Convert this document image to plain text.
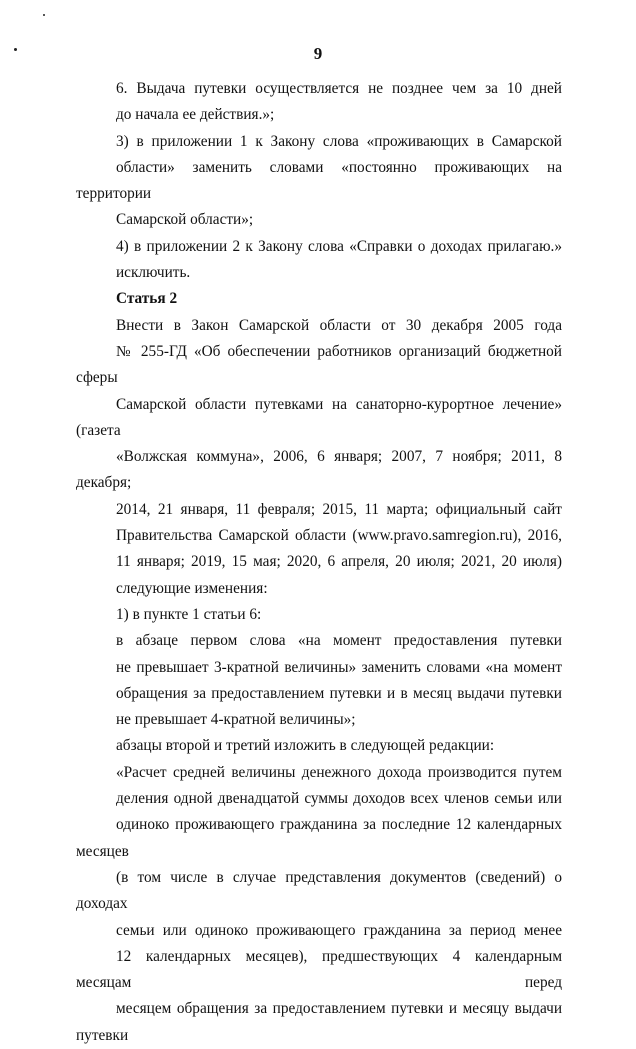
9
6. Выдача путевки осуществляется не позднее чем за 10 дней
до начала ее действия.»;
3) в приложении 1 к Закону слова «проживающих в Самарской
области» заменить словами «постоянно проживающих на территории
Самарской области»;
4) в приложении 2 к Закону слова «Справки о доходах прилагаю.»
исключить.
Статья 2
Внести в Закон Самарской области от 30 декабря 2005 года
№ 255-ГД «Об обеспечении работников организаций бюджетной сферы
Самарской области путевками на санаторно-курортное лечение» (газета
«Волжская коммуна», 2006, 6 января; 2007, 7 ноября; 2011, 8 декабря;
2014, 21 января, 11 февраля; 2015, 11 марта; официальный сайт
Правительства Самарской области (www.pravo.samregion.ru), 2016,
11 января; 2019, 15 мая; 2020, 6 апреля, 20 июля; 2021, 20 июля)
следующие изменения:
1) в пункте 1 статьи 6:
в абзаце первом слова «на момент предоставления путевки
не превышает 3-кратной величины» заменить словами «на момент
обращения за предоставлением путевки и в месяц выдачи путевки
не превышает 4-кратной величины»;
абзацы второй и третий изложить в следующей редакции:
«Расчет средней величины денежного дохода производится путем
деления одной двенадцатой суммы доходов всех членов семьи или
одиноко проживающего гражданина за последние 12 календарных месяцев
(в том числе в случае представления документов (сведений) о доходах
семьи или одиноко проживающего гражданина за период менее
12 календарных месяцев), предшествующих 4 календарным месяцам перед
месяцем обращения за предоставлением путевки и месяцу выдачи путевки
